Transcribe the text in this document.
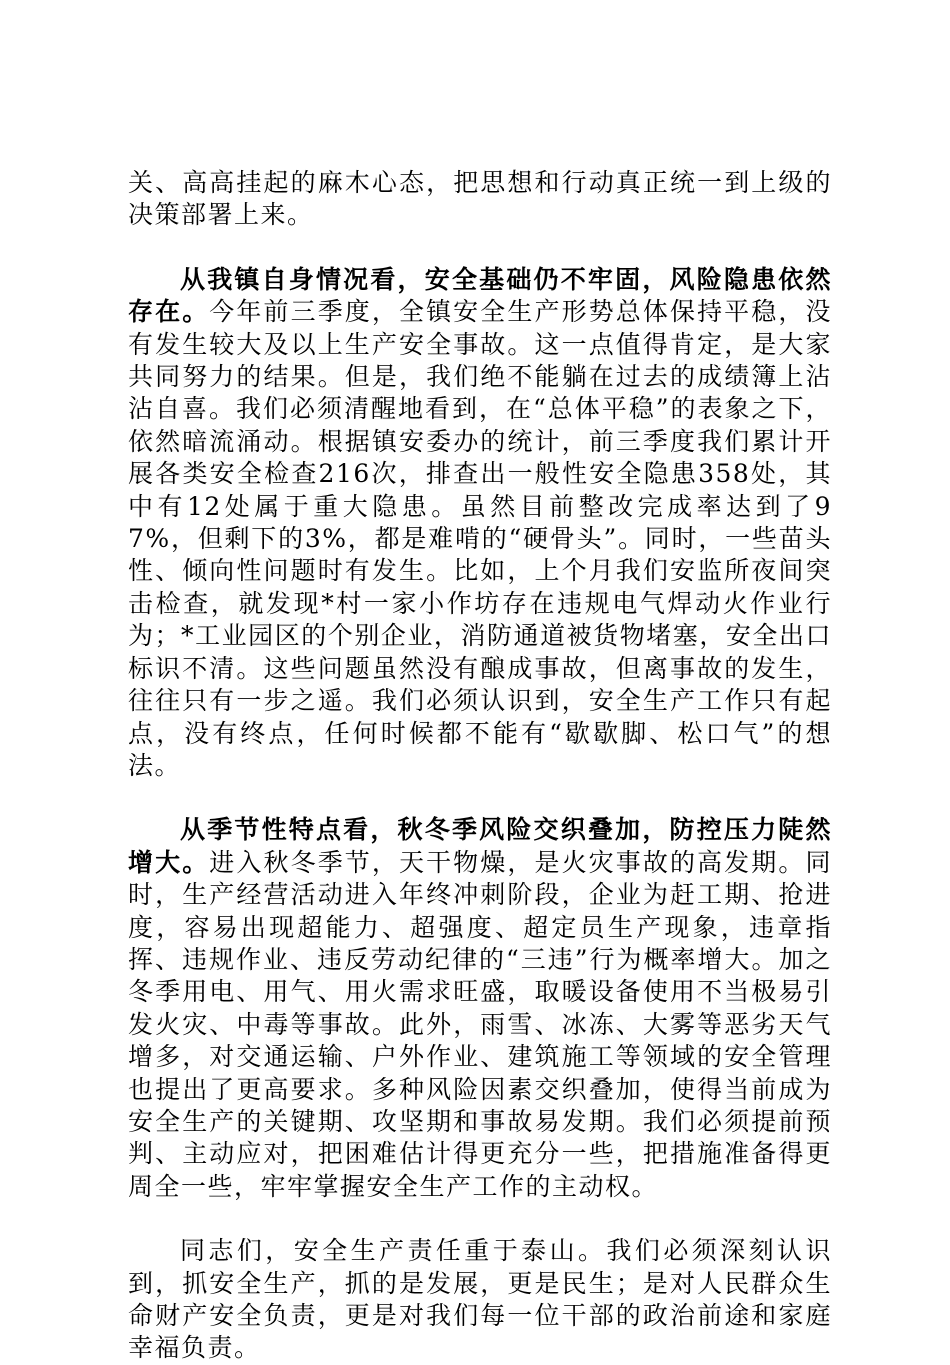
关、高高挂起的麻木心态，把思想和行动真正统一到上级的决策部署上来。

从我镇自身情况看，安全基础仍不牢固，风险隐患依然存在。今年前三季度，全镇安全生产形势总体保持平稳，没有发生较大及以上生产安全事故。这一点值得肯定，是大家共同努力的结果。但是，我们绝不能躺在过去的成绩簿上沾沾自喜。我们必须清醒地看到，在“总体平稳”的表象之下，依然暗流涌动。根据镇安委办的统计，前三季度我们累计开展各类安全检查216次，排查出一般性安全隐患358处，其中有12处属于重大隐患。虽然目前整改完成率达到了97%，但剩下的3%，都是难啃的“硬骨头”。同时，一些苗头性、倾向性问题时有发生。比如，上个月我们安监所夜间突击检查，就发现*村一家小作坊存在违规电气焊动火作业行为；*工业园区的个别企业，消防通道被货物堵塞，安全出口标识不清。这些问题虽然没有酿成事故，但离事故的发生，往往只有一步之遥。我们必须认识到，安全生产工作只有起点，没有终点，任何时候都不能有“歇歇脚、松口气”的想法。

从季节性特点看，秋冬季风险交织叠加，防控压力陡然增大。进入秋冬季节，天干物燥，是火灾事故的高发期。同时，生产经营活动进入年终冲刺阶段，企业为赶工期、抢进度，容易出现超能力、超强度、超定员生产现象，违章指挥、违规作业、违反劳动纪律的“三违”行为概率增大。加之冬季用电、用气、用火需求旺盛，取暖设备使用不当极易引发火灾、中毒等事故。此外，雨雪、冰冻、大雾等恶劣天气增多，对交通运输、户外作业、建筑施工等领域的安全管理也提出了更高要求。多种风险因素交织叠加，使得当前成为安全生产的关键期、攻坚期和事故易发期。我们必须提前预判、主动应对，把困难估计得更充分一些，把措施准备得更周全一些，牢牢掌握安全生产工作的主动权。

同志们，安全生产责任重于泰山。我们必须深刻认识到，抓安全生产，抓的是发展，更是民生；是对人民群众生命财产安全负责，更是对我们每一位干部的政治前途和家庭幸福负责。
